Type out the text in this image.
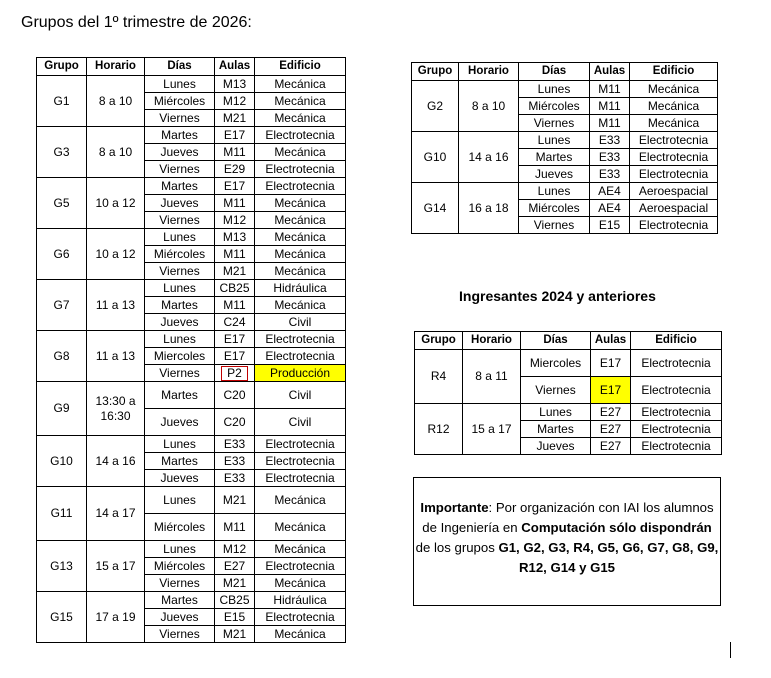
Grupos del 1º trimestre de 2026:
Grupo	Horario	Días	Aulas	Edificio
G1	8 a 10	Lunes	M13	Mecánica
		Miércoles	M12	Mecánica
		Viernes	M21	Mecánica
G3	8 a 10	Martes	E17	Electrotecnia
		Jueves	M11	Mecánica
		Viernes	E29	Electrotecnia
G5	10 a 12	Martes	E17	Electrotecnia
		Jueves	M11	Mecánica
		Viernes	M12	Mecánica
G6	10 a 12	Lunes	M13	Mecánica
		Miércoles	M11	Mecánica
		Viernes	M21	Mecánica
G7	11 a 13	Lunes	CB25	Hidráulica
		Martes	M11	Mecánica
		Jueves	C24	Civil
G8	11 a 13	Lunes	E17	Electrotecnia
		Miercoles	E17	Electrotecnia
		Viernes	P2	Producción
G9	13:30 a 16:30	Martes	C20	Civil
		Jueves	C20	Civil
G10	14 a 16	Lunes	E33	Electrotecnia
		Martes	E33	Electrotecnia
		Jueves	E33	Electrotecnia
G11	14 a 17	Lunes	M21	Mecánica
		Miércoles	M11	Mecánica
G13	15 a 17	Lunes	M12	Mecánica
		Miércoles	E27	Electrotecnia
		Viernes	M21	Mecánica
G15	17 a 19	Martes	CB25	Hidráulica
		Jueves	E15	Electrotecnia
		Viernes	M21	Mecánica
Grupo	Horario	Días	Aulas	Edificio
G2	8 a 10	Lunes	M11	Mecánica
		Miércoles	M11	Mecánica
		Viernes	M11	Mecánica
G10	14 a 16	Lunes	E33	Electrotecnia
		Martes	E33	Electrotecnia
		Jueves	E33	Electrotecnia
G14	16 a 18	Lunes	AE4	Aeroespacial
		Miércoles	AE4	Aeroespacial
		Viernes	E15	Electrotecnia
Ingresantes 2024 y anteriores
Grupo	Horario	Días	Aulas	Edificio
R4	8 a 11	Miercoles	E17	Electrotecnia
		Viernes	E17	Electrotecnia
R12	15 a 17	Lunes	E27	Electrotecnia
		Martes	E27	Electrotecnia
		Jueves	E27	Electrotecnia
Importante: Por organización con IAI los alumnos de Ingeniería en Computación sólo dispondrán de los grupos G1, G2, G3, R4, G5, G6, G7, G8, G9, R12, G14 y G15
